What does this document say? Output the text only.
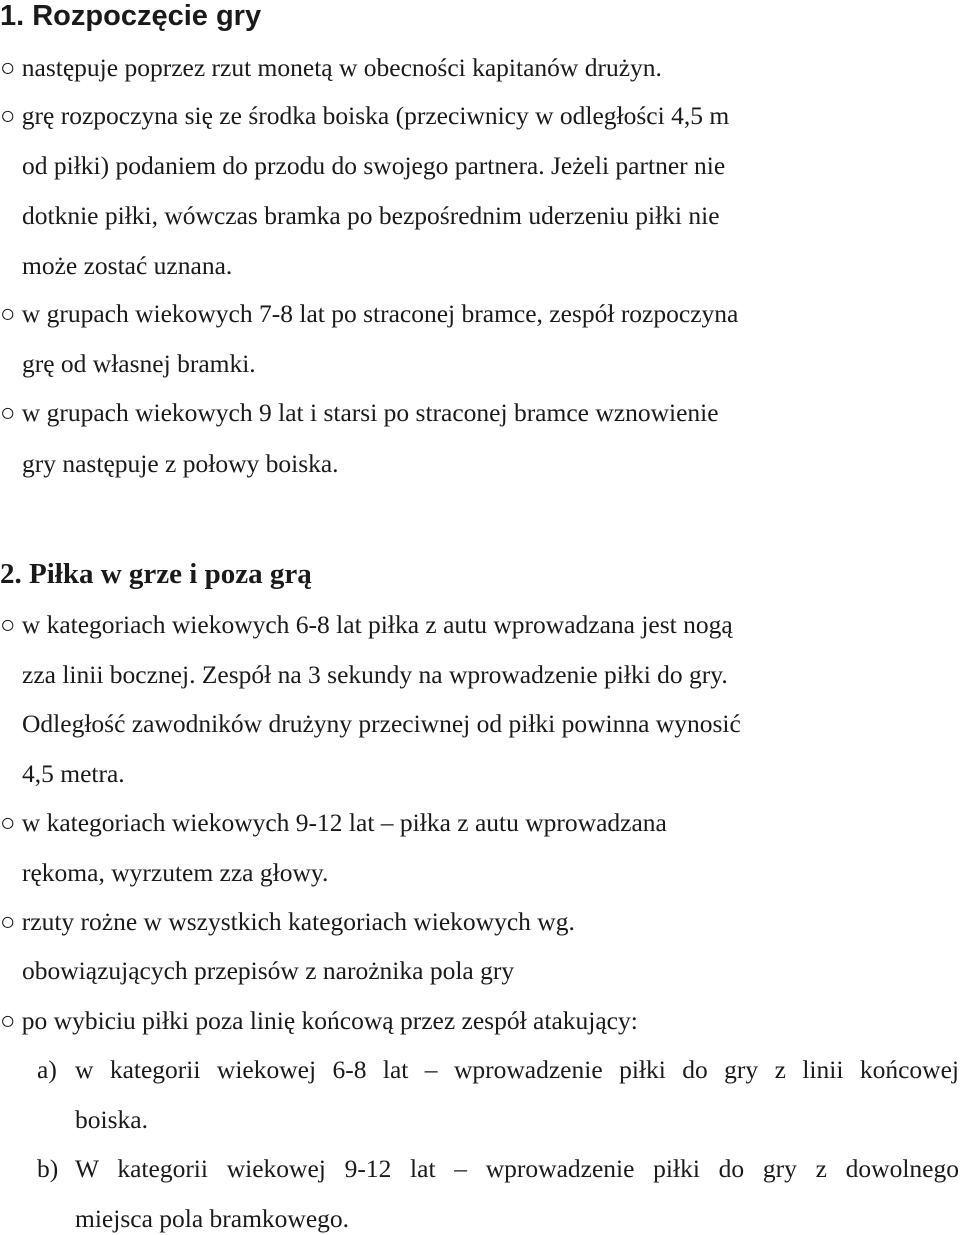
1. Rozpoczęcie gry
○ następuje poprzez rzut monetą w obecności kapitanów drużyn.
○ grę rozpoczyna się ze środka boiska (przeciwnicy w odległości 4,5 m
od piłki) podaniem do przodu do swojego partnera. Jeżeli partner nie
dotknie piłki, wówczas bramka po bezpośrednim uderzeniu piłki nie
może zostać uznana.
○ w grupach wiekowych 7-8 lat po straconej bramce, zespół rozpoczyna
grę od własnej bramki.
○ w grupach wiekowych 9 lat i starsi po straconej bramce wznowienie
gry następuje z połowy boiska.
2. Piłka w grze i poza grą
○ w kategoriach wiekowych 6-8 lat piłka z autu wprowadzana jest nogą
zza linii bocznej. Zespół na 3 sekundy na wprowadzenie piłki do gry.
Odległość zawodników drużyny przeciwnej od piłki powinna wynosić
4,5 metra.
○ w kategoriach wiekowych 9-12 lat – piłka z autu wprowadzana
rękoma, wyrzutem zza głowy.
○ rzuty rożne w wszystkich kategoriach wiekowych wg.
obowiązujących przepisów z narożnika pola gry
○ po wybiciu piłki poza linię końcową przez zespół atakujący:
a) w kategorii wiekowej 6-8 lat – wprowadzenie piłki do gry z linii końcowej
boiska.
b) W kategorii wiekowej 9-12 lat – wprowadzenie piłki do gry z dowolnego
miejsca pola bramkowego.
